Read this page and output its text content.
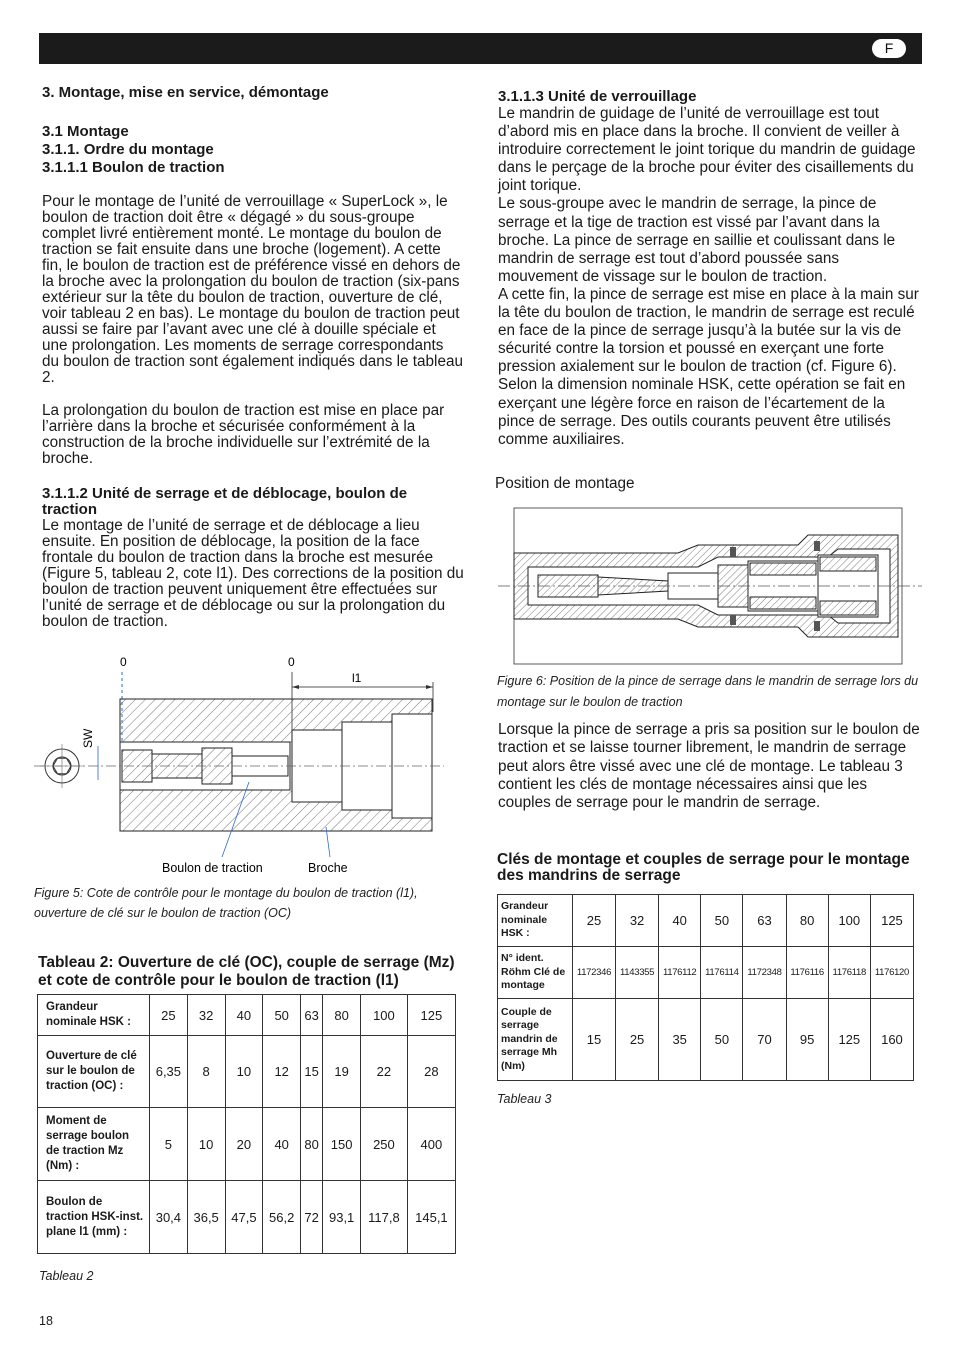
F

3. Montage, mise en service, démontage

3.1 Montage

3.1.1. Ordre du montage

3.1.1.1 Boulon de traction

Pour le montage de l’unité de verrouillage « SuperLock », le boulon de traction doit être « dégagé » du sous-groupe complet livré entièrement monté. Le montage du boulon de traction se fait ensuite dans une broche (logement). A cette fin, le boulon de traction est de préférence vissé en dehors de la broche avec la prolongation du boulon de traction (six-pans extérieur sur la tête du boulon de traction, ouverture de clé, voir tableau 2 en bas). Le montage du boulon de traction peut aussi se faire par l’avant avec une clé à douille spéciale et une prolongation. Les moments de serrage correspondants du boulon de traction sont également indiqués dans le tableau 2.

La prolongation du boulon de traction est mise en place par l’arrière dans la broche et sécurisée conformément à la construction de la broche individuelle sur l’extrémité de la broche.

3.1.1.2 Unité de serrage et de déblocage, boulon de traction

Le montage de l’unité de serrage et de déblocage a lieu ensuite. En position de déblocage, la position de la face frontale du boulon de traction dans la broche est mesurée (Figure 5, tableau 2, cote l1). Des corrections de la position du boulon de traction peuvent uniquement être effectuées sur l’unité de serrage et de déblocage ou sur la prolongation du boulon de traction.

0	0
l1
SW
Boulon de traction	Broche

Figure 5: Cote de contrôle pour le montage du boulon de traction (l1), ouverture de clé sur le boulon de traction (OC)

Tableau 2: Ouverture de clé (OC), couple de serrage (Mz) et cote de contrôle pour le boulon de traction (l1)

Grandeur nominale HSK :	25	32	40	50	63	80	100	125
Ouverture de clé sur le boulon de traction (OC) :	6,35	8	10	12	15	19	22	28
Moment de serrage boulon de traction Mz (Nm) :	5	10	20	40	80	150	250	400
Boulon de traction HSK-inst. plane l1 (mm) :	30,4	36,5	47,5	56,2	72	93,1	117,8	145,1

Tableau 2

18

3.1.1.3 Unité de verrouillage

Le mandrin de guidage de l’unité de verrouillage est tout d’abord mis en place dans la broche. Il convient de veiller à introduire correctement le joint torique du mandrin de guidage dans le perçage de la broche pour éviter des cisaillements du joint torique.

Le sous-groupe avec le mandrin de serrage, la pince de serrage et la tige de traction est vissé par l’avant dans la broche. La pince de serrage en saillie et coulissant dans le mandrin de serrage est tout d’abord poussée sans mouvement de vissage sur le boulon de traction.

A cette fin, la pince de serrage est mise en place à la main sur la tête du boulon de traction, le mandrin de serrage est reculé en face de la pince de serrage jusqu’à la butée sur la vis de sécurité contre la torsion et poussé en exerçant une forte pression axialement sur le boulon de traction (cf. Figure 6). Selon la dimension nominale HSK, cette opération se fait en exerçant une légère force en raison de l’écartement de la pince de serrage. Des outils courants peuvent être utilisés comme auxiliaires.

Position de montage

Figure 6: Position de la pince de serrage dans le mandrin de serrage lors du montage sur le boulon de traction

Lorsque la pince de serrage a pris sa position sur le boulon de traction et se laisse tourner librement, le mandrin de serrage peut alors être vissé avec une clé de montage. Le tableau 3 contient les clés de montage nécessaires ainsi que les couples de serrage pour le mandrin de serrage.

Clés de montage et couples de serrage pour le montage des mandrins de serrage

Grandeur nominale HSK :	25	32	40	50	63	80	100	125
N° ident. Röhm Clé de montage	1172346	1143355	1176112	1176114	1172348	1176116	1176118	1176120
Couple de serrage mandrin de serrage Mh (Nm)	15	25	35	50	70	95	125	160

Tableau 3
